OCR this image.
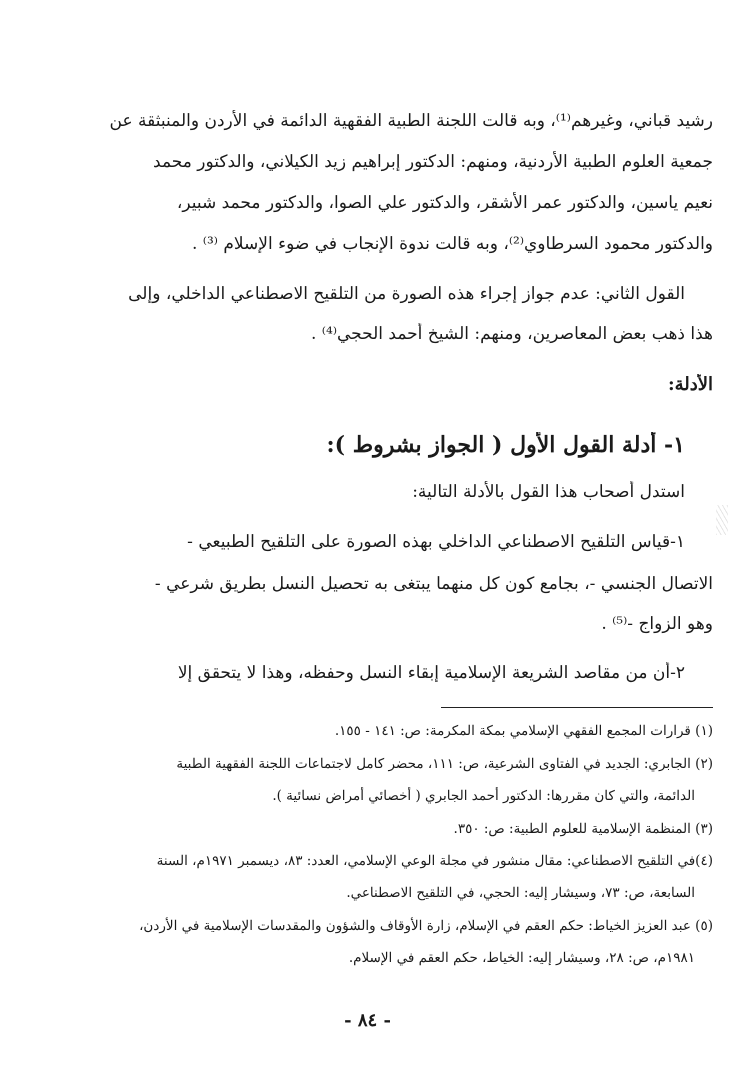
رشيد قباني، وغيرهم⁽¹⁾، وبه قالت اللجنة الطبية الفقهية الدائمة في الأردن والمنبثقة عن
جمعية العلوم الطبية الأردنية، ومنهم: الدكتور إبراهيم زيد الكيلاني، والدكتور محمد
نعيم ياسين، والدكتور عمر الأشقر، والدكتور علي الصوا، والدكتور محمد شبير،
والدكتور محمود السرطاوي⁽²⁾، وبه قالت ندوة الإنجاب في ضوء الإسلام ⁽³⁾ .
القول الثاني: عدم جواز إجراء هذه الصورة من التلقيح الاصطناعي الداخلي، وإلى
هذا ذهب بعض المعاصرين، ومنهم: الشيخ أحمد الحجي⁽⁴⁾ .
الأدلة:
١- أدلة القول الأول ( الجواز بشروط ):
استدل أصحاب هذا القول بالأدلة التالية:
١-قياس التلقيح الاصطناعي الداخلي بهذه الصورة على التلقيح الطبيعي -
الاتصال الجنسي -، بجامع كون كل منهما يبتغى به تحصيل النسل بطريق شرعي -
وهو الزواج -⁽⁵⁾ .
٢-أن من مقاصد الشريعة الإسلامية إبقاء النسل وحفظه، وهذا لا يتحقق إلا
(١) قرارات المجمع الفقهي الإسلامي بمكة المكرمة: ص: ١٤١ - ١٥٥.
(٢) الجابري: الجديد في الفتاوى الشرعية، ص: ١١١، محضر كامل لاجتماعات اللجنة الفقهية الطبية
الدائمة، والتي كان مقررها: الدكتور أحمد الجابري ( أخصائي أمراض نسائية ).
(٣) المنظمة الإسلامية للعلوم الطبية: ص: ٣٥٠.
(٤)في التلقيح الاصطناعي: مقال منشور في مجلة الوعي الإسلامي، العدد: ٨٣، ديسمبر ١٩٧١م، السنة
السابعة، ص: ٧٣، وسيشار إليه: الحجي، في التلقيح الاصطناعي.
(٥) عبد العزيز الخياط: حكم العقم في الإسلام، زارة الأوقاف والشؤون والمقدسات الإسلامية في الأردن،
١٩٨١م، ص: ٢٨، وسيشار إليه: الخياط، حكم العقم في الإسلام.
- ٨٤ -
